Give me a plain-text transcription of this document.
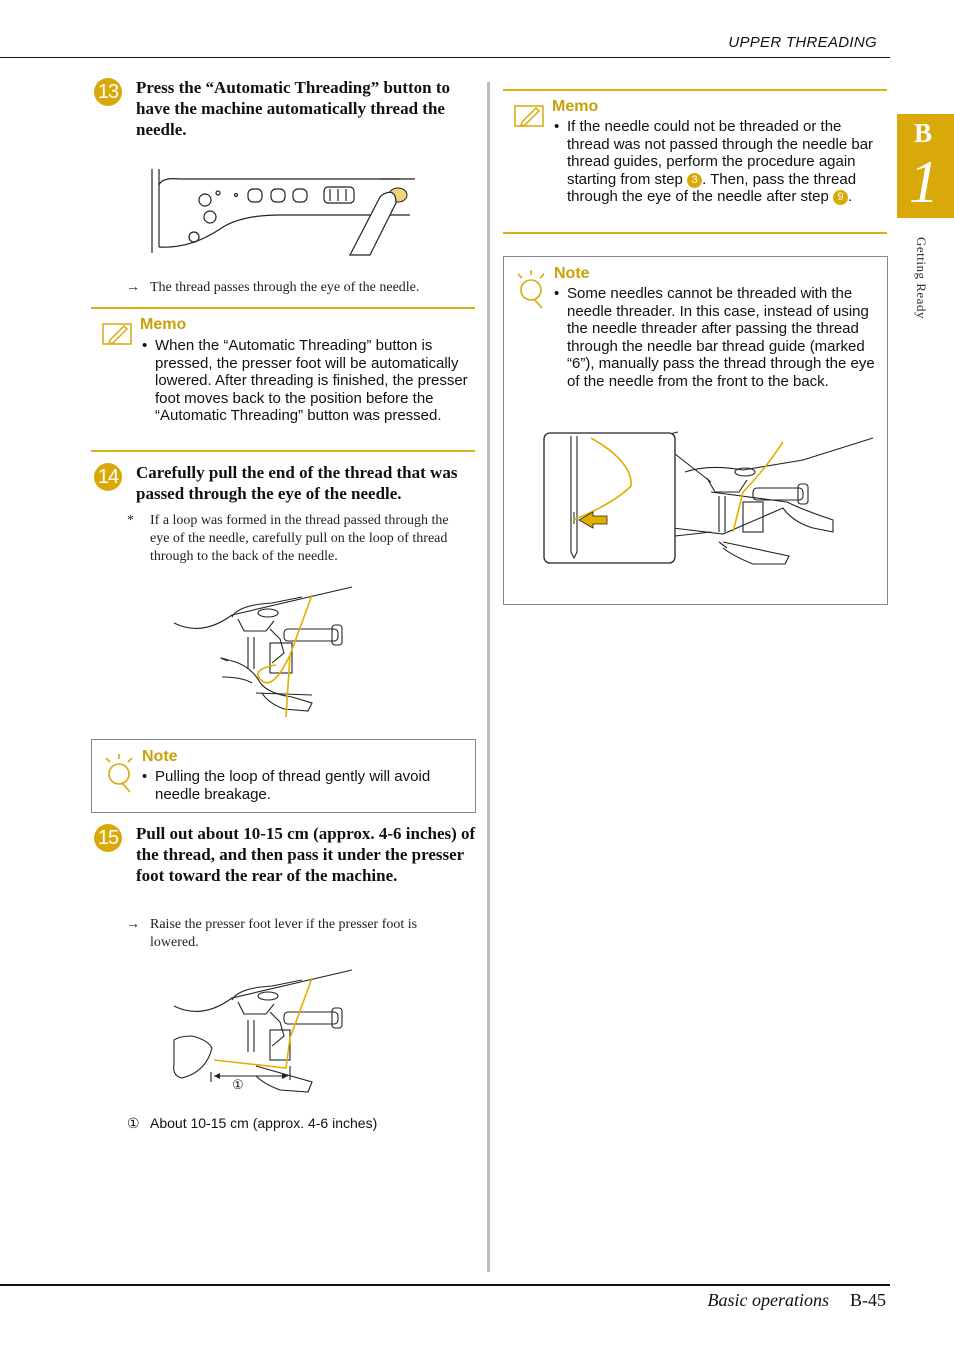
UPPER THREADING
B
1
Getting Ready
13 Press the “Automatic Threading” button to have the machine automatically thread the needle.
→ The thread passes through the eye of the needle.
Memo
• When the “Automatic Threading” button is pressed, the presser foot will be automatically lowered. After threading is finished, the presser foot moves back to the position before the “Automatic Threading” button was pressed.
14 Carefully pull the end of the thread that was passed through the eye of the needle.
* If a loop was formed in the thread passed through the eye of the needle, carefully pull on the loop of thread through to the back of the needle.
Note
• Pulling the loop of thread gently will avoid needle breakage.
15 Pull out about 10-15 cm (approx. 4-6 inches) of the thread, and then pass it under the presser foot toward the rear of the machine.
→ Raise the presser foot lever if the presser foot is lowered.
①
① About 10-15 cm (approx. 4-6 inches)
Memo
• If the needle could not be threaded or the thread was not passed through the needle bar thread guides, perform the procedure again starting from step 3 . Then, pass the thread through the eye of the needle after step 9 .
Note
• Some needles cannot be threaded with the needle threader. In this case, instead of using the needle threader after passing the thread through the needle bar thread guide (marked “6”), manually pass the thread through the eye of the needle from the front to the back.
Basic operations B-45
